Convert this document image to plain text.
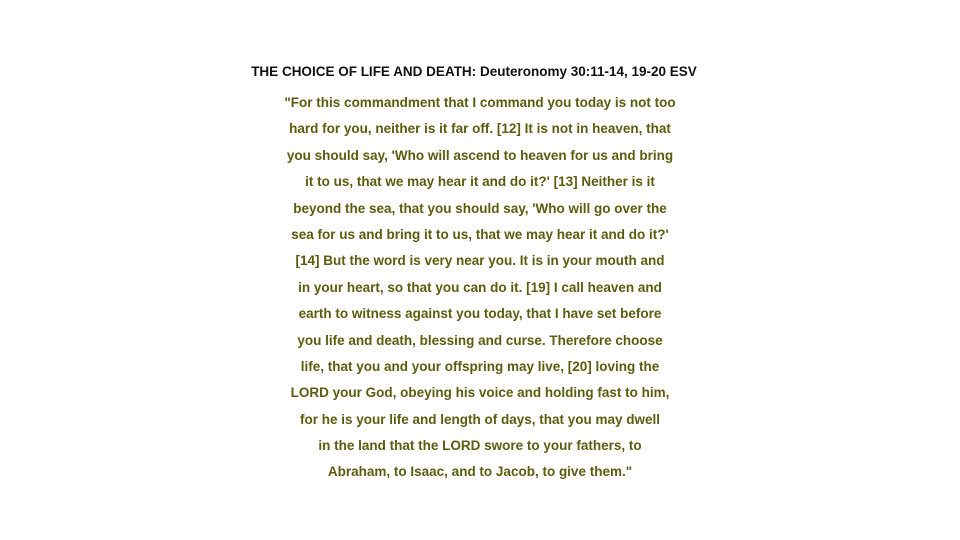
THE CHOICE OF LIFE AND DEATH: Deuteronomy 30:11-14, 19-20 ESV
"For this commandment that I command you today is not too
hard for you, neither is it far off. [12] It is not in heaven, that
you should say, 'Who will ascend to heaven for us and bring
it to us, that we may hear it and do it?' [13] Neither is it
beyond the sea, that you should say, 'Who will go over the
sea for us and bring it to us, that we may hear it and do it?'
[14] But the word is very near you. It is in your mouth and
in your heart, so that you can do it. [19] I call heaven and
earth to witness against you today, that I have set before
you life and death, blessing and curse. Therefore choose
life, that you and your offspring may live, [20] loving the
LORD your God, obeying his voice and holding fast to him,
for he is your life and length of days, that you may dwell
in the land that the LORD swore to your fathers, to
Abraham, to Isaac, and to Jacob, to give them."
